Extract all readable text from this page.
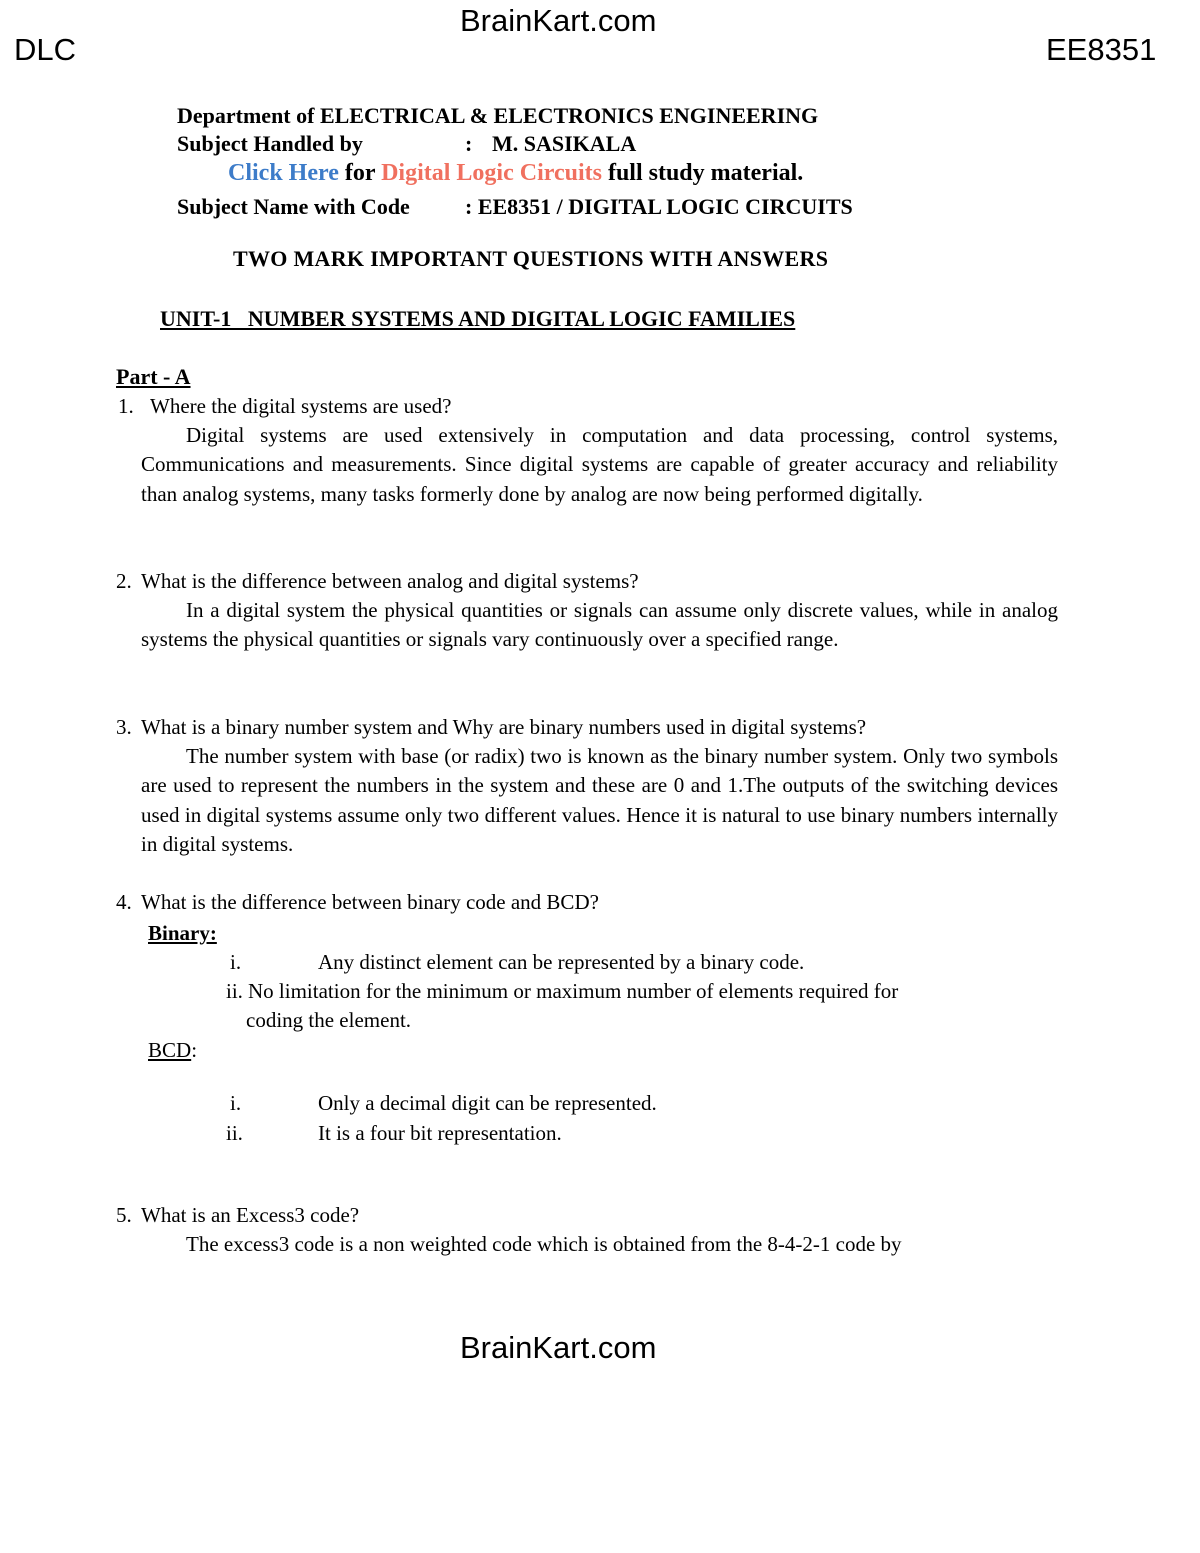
BrainKart.com
DLC	EE8351
Department of ELECTRICAL & ELECTRONICS ENGINEERING
Subject Handled by	: M. SASIKALA
Click Here for Digital Logic Circuits full study material.
Subject Name with Code	: EE8351 / DIGITAL LOGIC CIRCUITS
TWO MARK IMPORTANT QUESTIONS WITH ANSWERS
UNIT-1   NUMBER SYSTEMS AND DIGITAL LOGIC FAMILIES
Part - A
1. Where the digital systems are used?
Digital systems are used extensively in computation and data processing, control systems, Communications and measurements. Since digital systems are capable of greater accuracy and reliability than analog systems, many tasks formerly done by analog are now being performed digitally.
2. What is the difference between analog and digital systems?
In a digital system the physical quantities or signals can assume only discrete values, while in analog systems the physical quantities or signals vary continuously over a specified range.
3. What is a binary number system and Why are binary numbers used in digital systems?
The number system with base (or radix) two is known as the binary number system. Only two symbols are used to represent the numbers in the system and these are 0 and 1.The outputs of the switching devices used in digital systems assume only two different values. Hence it is natural to use binary numbers internally in digital systems.
4. What is the difference between binary code and BCD?
Binary:
i.	Any distinct element can be represented by a binary code.
ii. No limitation for the minimum or maximum number of elements required for
coding the element.
BCD:
i.	Only a decimal digit can be represented.
ii.	It is a four bit representation.
5. What is an Excess3 code?
The excess3 code is a non weighted code which is obtained from the 8-4-2-1 code by
BrainKart.com
